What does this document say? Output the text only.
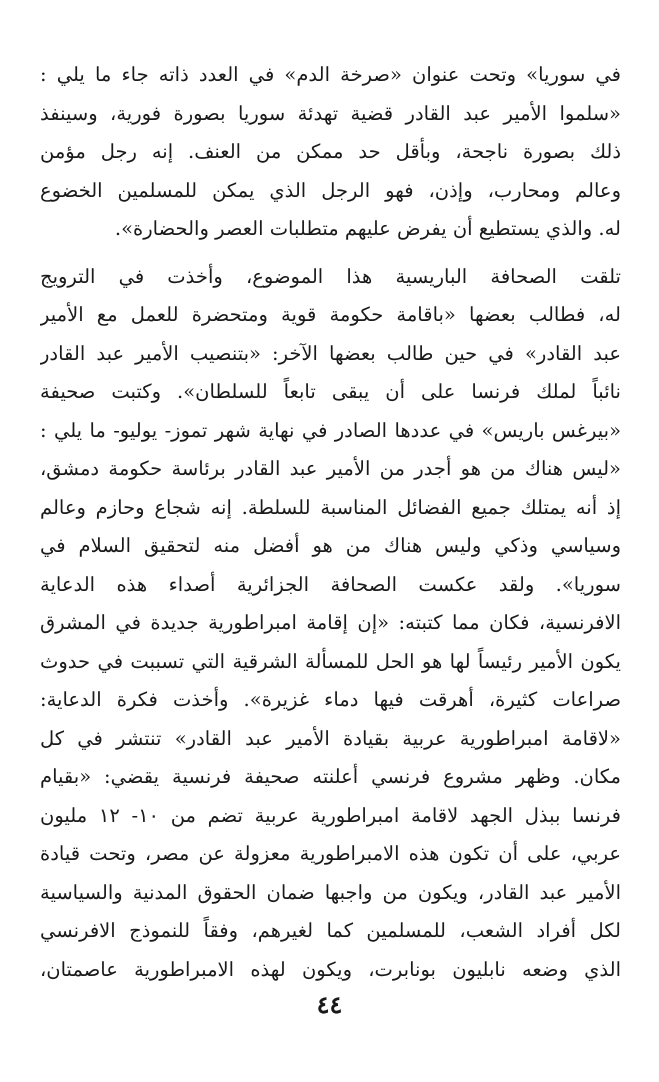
في سوريا» وتحت عنوان «صرخة الدم» في العدد ذاته جاء ما يلي :
«سلموا الأمير عبد القادر قضية تهدئة سوريا بصورة فورية، وسينفذ
ذلك بصورة ناجحة، وبأقل حد ممكن من العنف. إنه رجل مؤمن
وعالم ومحارب، وإذن، فهو الرجل الذي يمكن للمسلمين الخضوع
له. والذي يستطيع أن يفرض عليهم متطلبات العصر والحضارة».
تلقت الصحافة الباريسية هذا الموضوع، وأخذت في الترويج
له، فطالب بعضها «باقامة حكومة قوية ومتحضرة للعمل مع الأمير
عبد القادر» في حين طالب بعضها الآخر: «بتنصيب الأمير عبد القادر
نائباً لملك فرنسا على أن يبقى تابعاً للسلطان». وكتبت صحيفة
«بيرغس باريس» في عددها الصادر في نهاية شهر تموز- يوليو- ما يلي :
«ليس هناك من هو أجدر من الأمير عبد القادر برئاسة حكومة دمشق،
إذ أنه يمتلك جميع الفضائل المناسبة للسلطة. إنه شجاع وحازم وعالم
وسياسي وذكي وليس هناك من هو أفضل منه لتحقيق السلام في
سوريا». ولقد عكست الصحافة الجزائرية أصداء هذه الدعاية
الافرنسية، فكان مما كتبته: «إن إقامة امبراطورية جديدة في المشرق
يكون الأمير رئيساً لها هو الحل للمسألة الشرقية التي تسببت في حدوث
صراعات كثيرة، أهرقت فيها دماء غزيرة». وأخذت فكرة الدعاية:
«لاقامة امبراطورية عربية بقيادة الأمير عبد القادر» تنتشر في كل
مكان. وظهر مشروع فرنسي أعلنته صحيفة فرنسية يقضي: «بقيام
فرنسا ببذل الجهد لاقامة امبراطورية عربية تضم من ١٠- ١٢ مليون
عربي، على أن تكون هذه الامبراطورية معزولة عن مصر، وتحت قيادة
الأمير عبد القادر، ويكون من واجبها ضمان الحقوق المدنية والسياسية
لكل أفراد الشعب، للمسلمين كما لغيرهم، وفقاً للنموذج الافرنسي
الذي وضعه نابليون بونابرت، ويكون لهذه الامبراطورية عاصمتان،
٤٤
